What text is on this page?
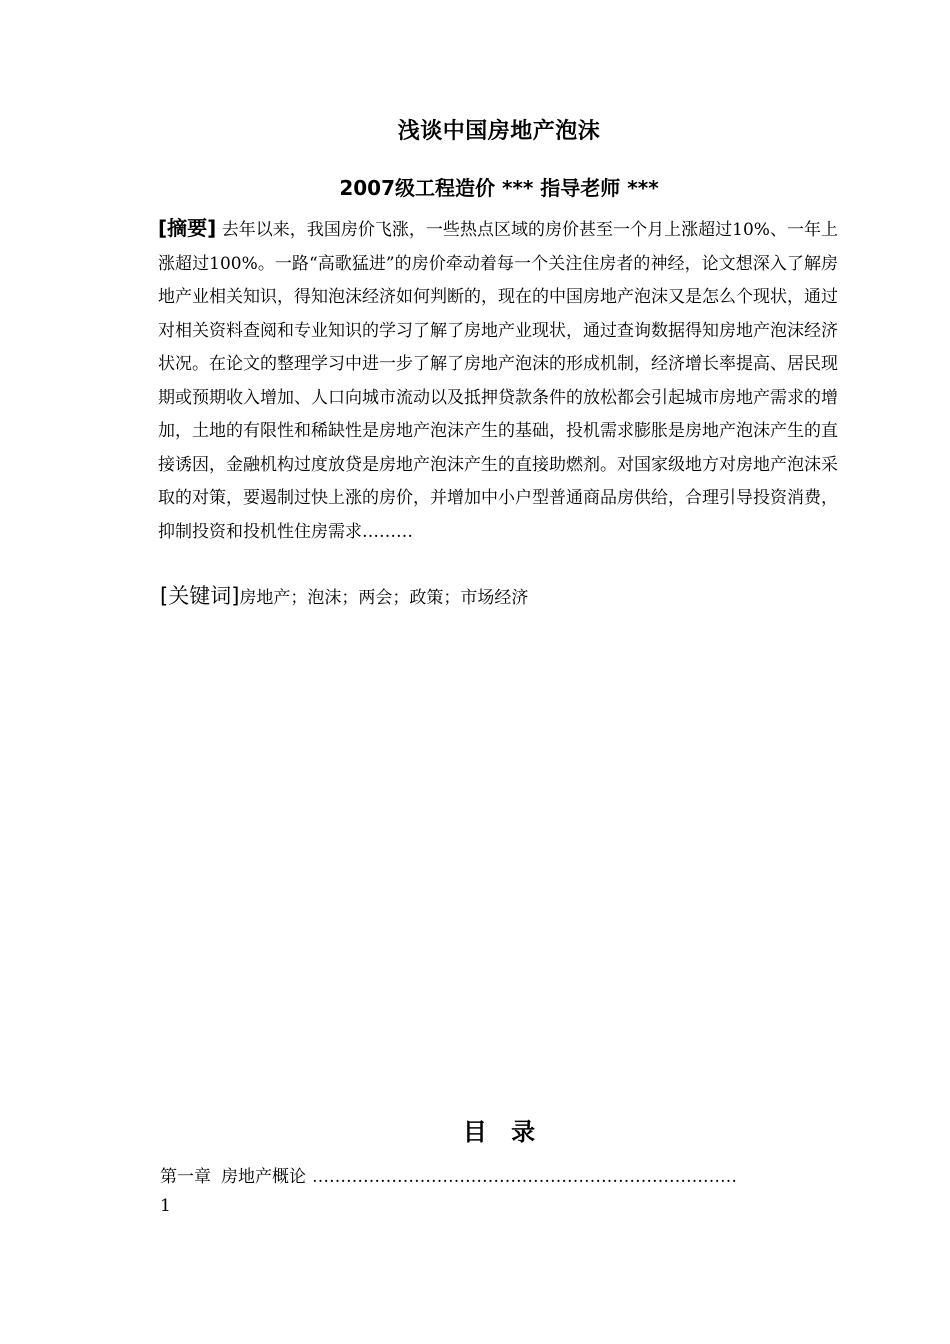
浅谈中国房地产泡沫
2007级工程造价 *** 指导老师 ***
[摘要] 去年以来，我国房价飞涨，一些热点区域的房价甚至一个月上涨超过10%、一年上涨超过100%。一路“高歌猛进”的房价牵动着每一个关注住房者的神经，论文想深入了解房地产业相关知识，得知泡沫经济如何判断的，现在的中国房地产泡沫又是怎么个现状，通过对相关资料查阅和专业知识的学习了解了房地产业现状，通过查询数据得知房地产泡沫经济状况。在论文的整理学习中进一步了解了房地产泡沫的形成机制，经济增长率提高、居民现期或预期收入增加、人口向城市流动以及抵押贷款条件的放松都会引起城市房地产需求的增加，土地的有限性和稀缺性是房地产泡沫产生的基础，投机需求膨胀是房地产泡沫产生的直接诱因，金融机构过度放贷是房地产泡沫产生的直接助燃剂。对国家级地方对房地产泡沫采取的对策，要遏制过快上涨的房价，并增加中小户型普通商品房供给，合理引导投资消费，抑制投资和投机性住房需求………
[关键词]房地产；泡沫；两会；政策；市场经济
目 录
第一章 房地产概论 …………………………………………………………………
1
